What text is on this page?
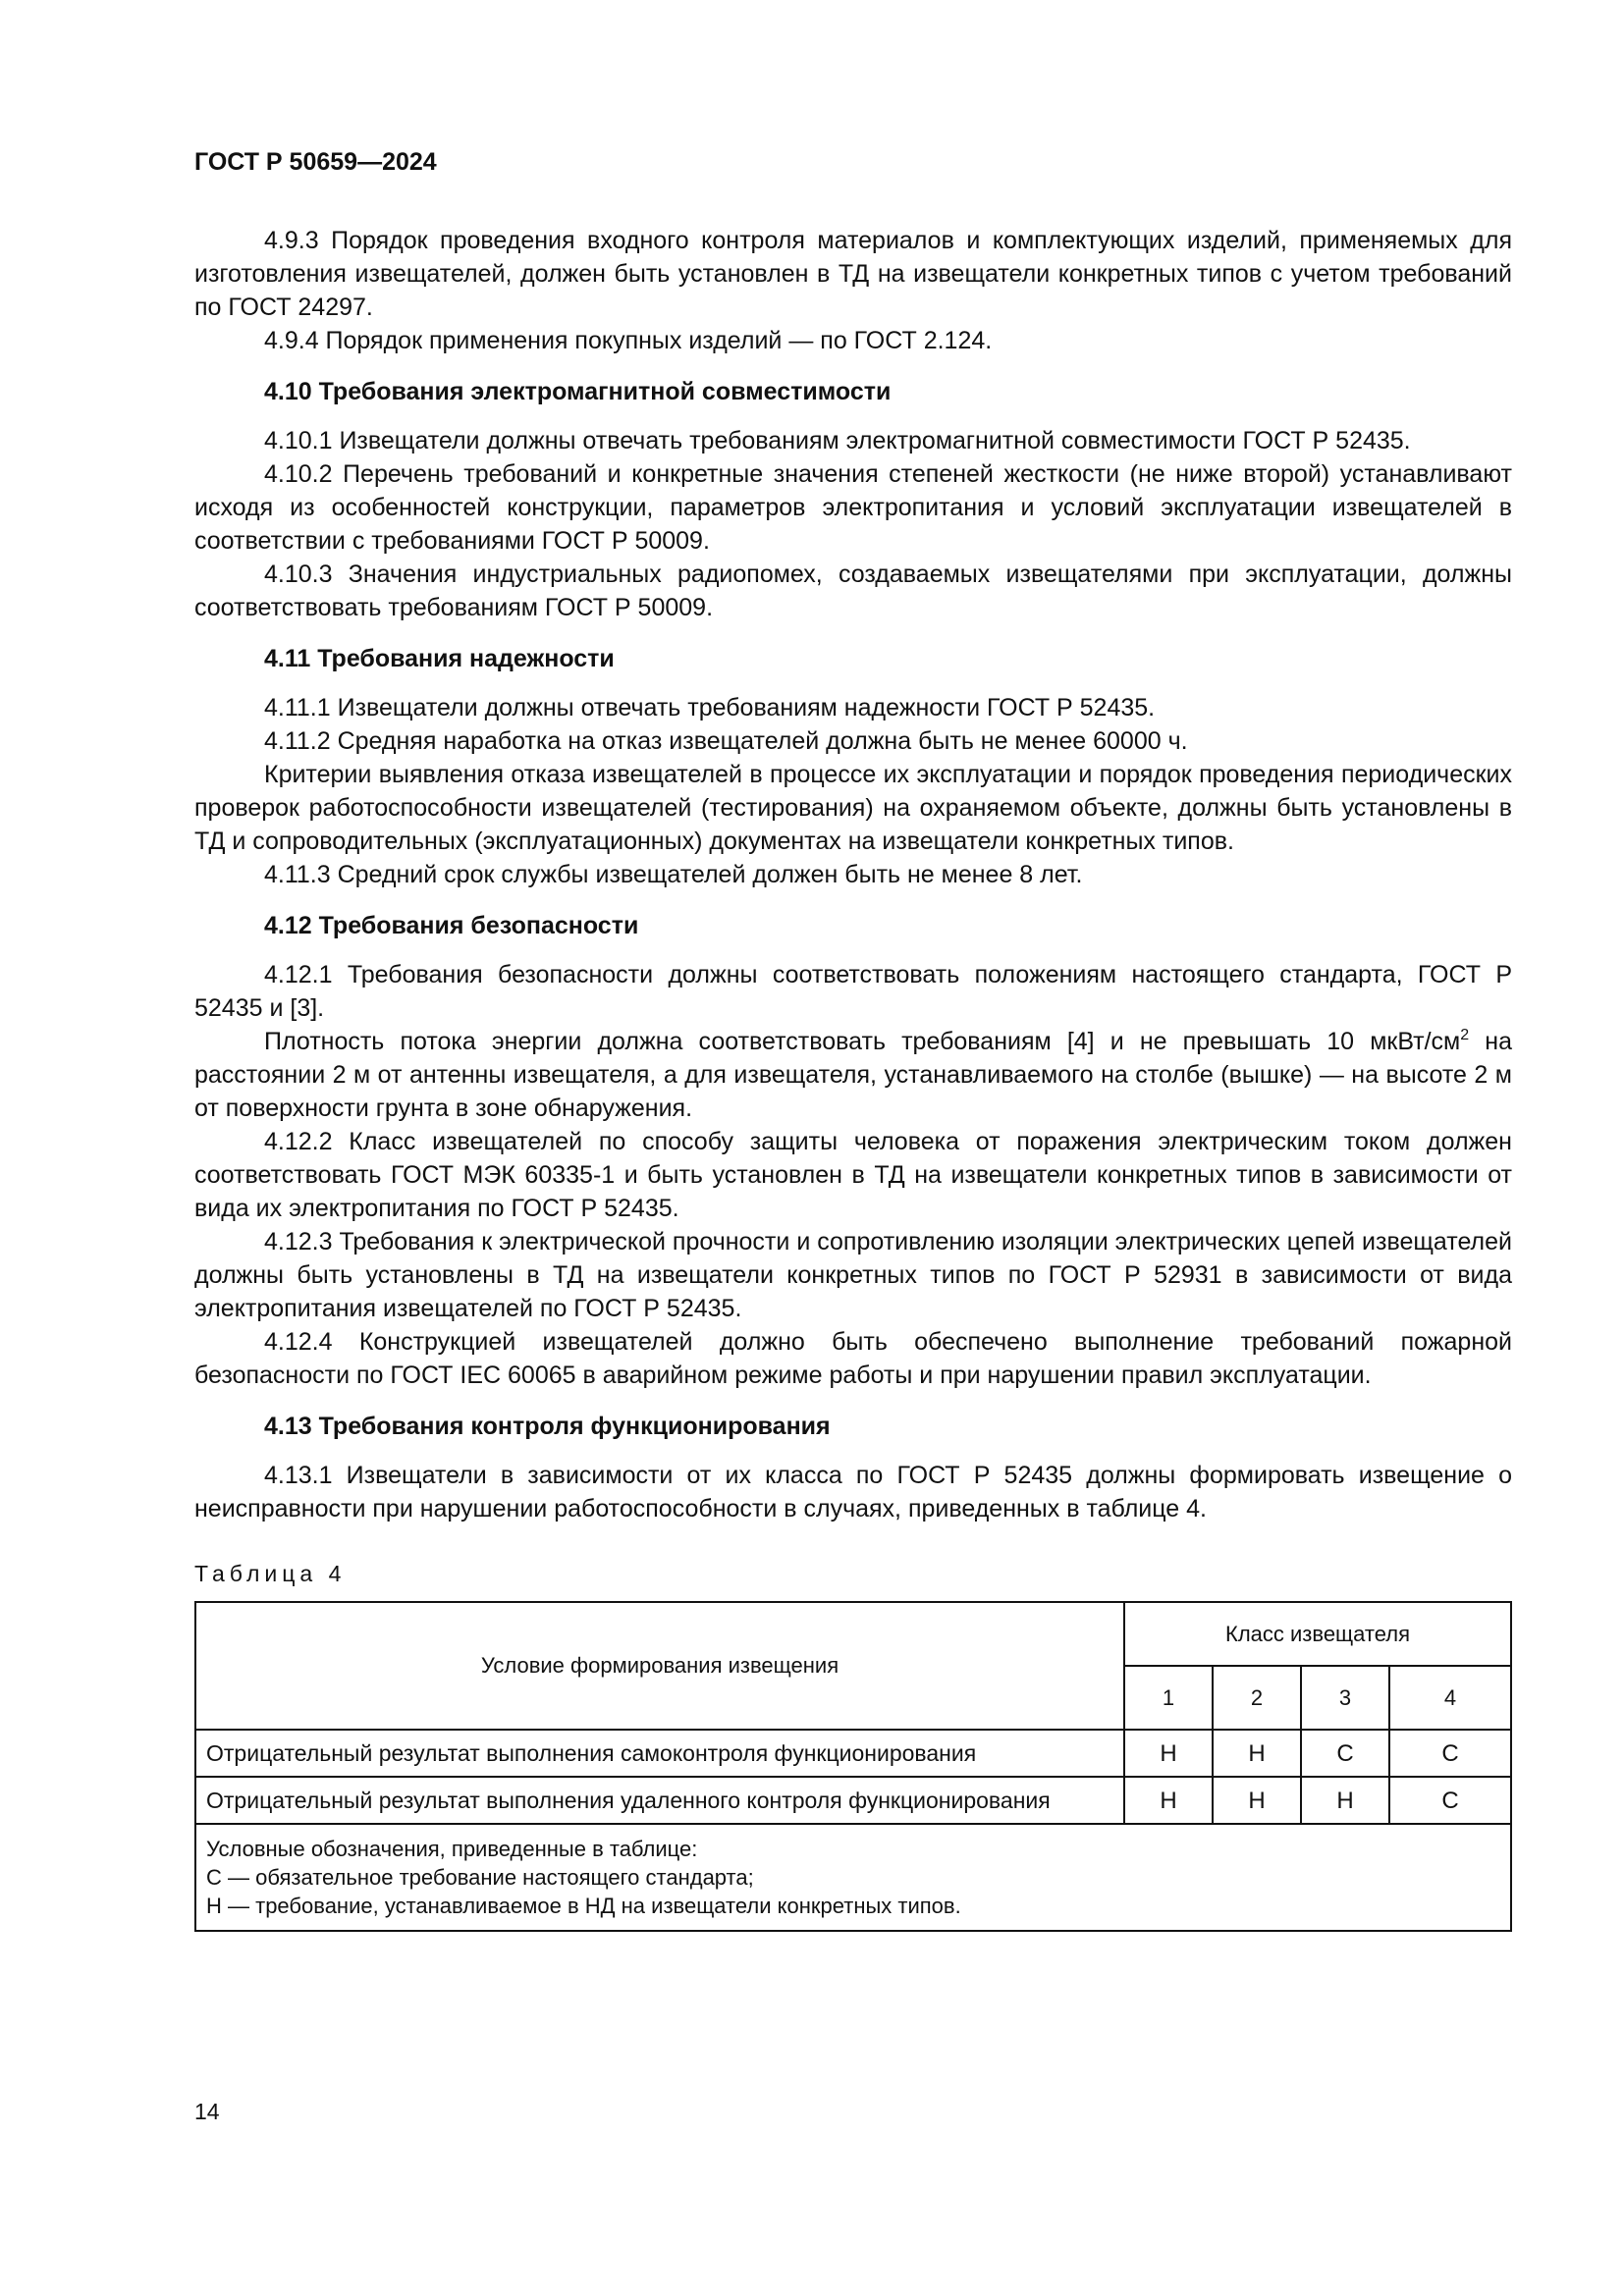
ГОСТ Р 50659—2024

4.9.3 Порядок проведения входного контроля материалов и комплектующих изделий, применяемых для изготовления извещателей, должен быть установлен в ТД на извещатели конкретных типов с учетом требований по ГОСТ 24297.

4.9.4 Порядок применения покупных изделий — по ГОСТ 2.124.

4.10 Требования электромагнитной совместимости

4.10.1 Извещатели должны отвечать требованиям электромагнитной совместимости ГОСТ Р 52435.

4.10.2 Перечень требований и конкретные значения степеней жесткости (не ниже второй) устанавливают исходя из особенностей конструкции, параметров электропитания и условий эксплуатации извещателей в соответствии с требованиями ГОСТ Р 50009.

4.10.3 Значения индустриальных радиопомех, создаваемых извещателями при эксплуатации, должны соответствовать требованиям ГОСТ Р 50009.

4.11 Требования надежности

4.11.1 Извещатели должны отвечать требованиям надежности ГОСТ Р 52435.

4.11.2 Средняя наработка на отказ извещателей должна быть не менее 60000 ч.

Критерии выявления отказа извещателей в процессе их эксплуатации и порядок проведения периодических проверок работоспособности извещателей (тестирования) на охраняемом объекте, должны быть установлены в ТД и сопроводительных (эксплуатационных) документах на извещатели конкретных типов.

4.11.3 Средний срок службы извещателей должен быть не менее 8 лет.

4.12 Требования безопасности

4.12.1 Требования безопасности должны соответствовать положениям настоящего стандарта, ГОСТ Р 52435 и [3].

Плотность потока энергии должна соответствовать требованиям [4] и не превышать 10 мкВт/$см^2$ на расстоянии 2 м от антенны извещателя, а для извещателя, устанавливаемого на столбе (вышке) — на высоте 2 м от поверхности грунта в зоне обнаружения.

4.12.2 Класс извещателей по способу защиты человека от поражения электрическим током должен соответствовать ГОСТ МЭК 60335-1 и быть установлен в ТД на извещатели конкретных типов в зависимости от вида их электропитания по ГОСТ Р 52435.

4.12.3 Требования к электрической прочности и сопротивлению изоляции электрических цепей извещателей должны быть установлены в ТД на извещатели конкретных типов по ГОСТ Р 52931 в зависимости от вида электропитания извещателей по ГОСТ Р 52435.

4.12.4 Конструкцией извещателей должно быть обеспечено выполнение требований пожарной безопасности по ГОСТ IEC 60065 в аварийном режиме работы и при нарушении правил эксплуатации.

4.13 Требования контроля функционирования

4.13.1 Извещатели в зависимости от их класса по ГОСТ Р 52435 должны формировать извещение о неисправности при нарушении работоспособности в случаях, приведенных в таблице 4.

Таблица 4
Условие формирования извещения	Класс извещателя			
	1	2	3	4
Отрицательный результат выполнения самоконтроля функционирования	Н	Н	С	С
Отрицательный результат выполнения удаленного контроля функционирования	Н	Н	Н	С

Условные обозначения, приведенные в таблице:
С — обязательное требование настоящего стандарта;
Н — требование, устанавливаемое в НД на извещатели конкретных типов.				
14
